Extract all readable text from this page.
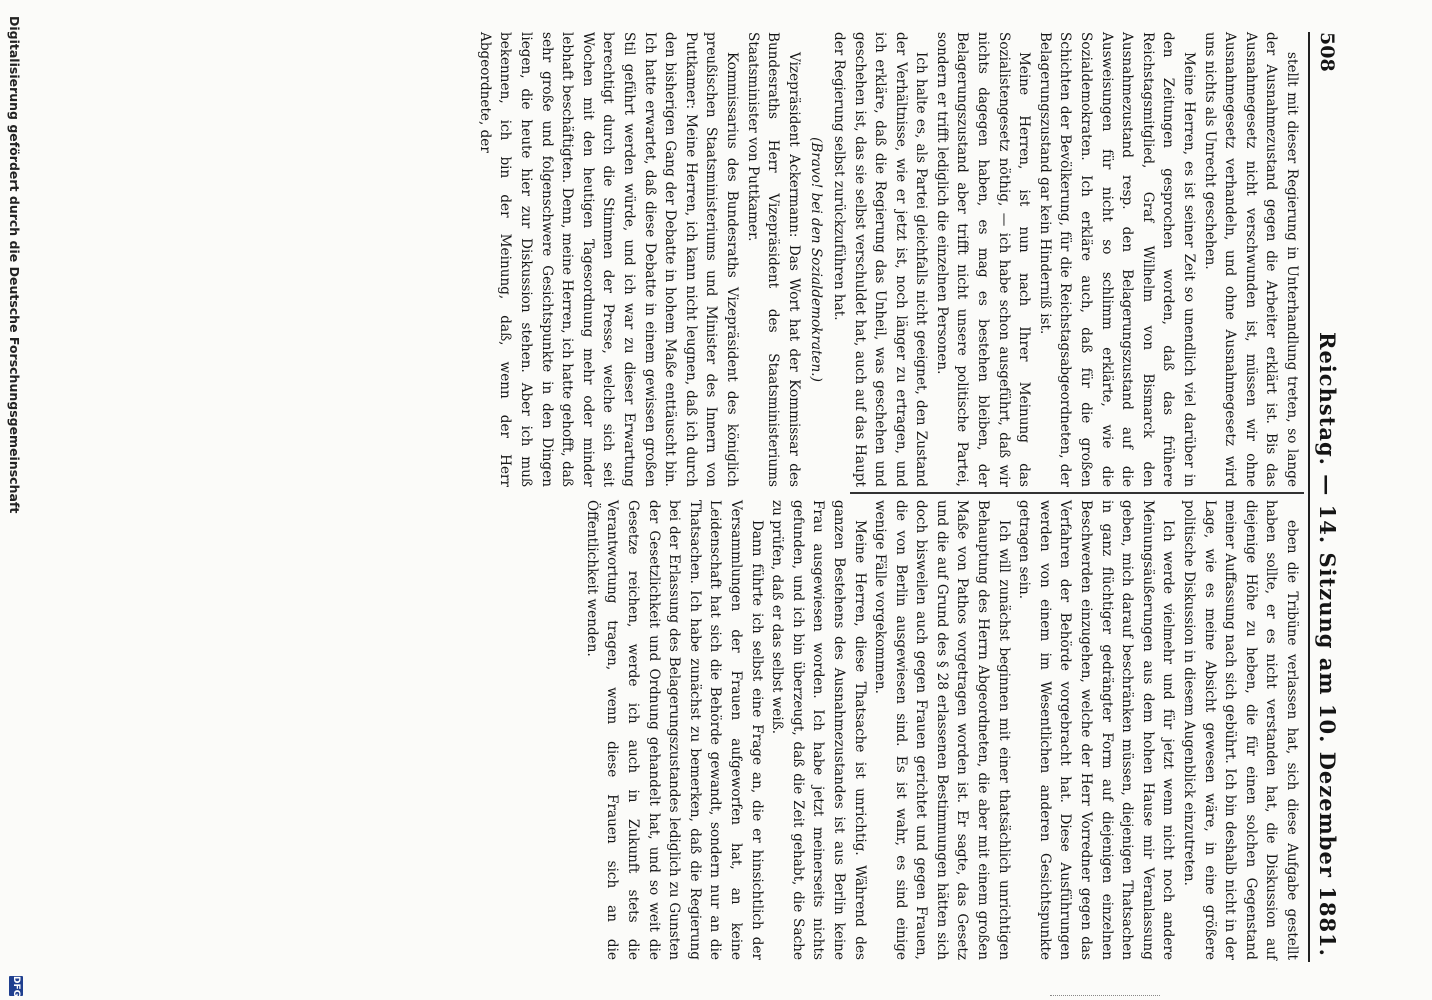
508
Reichstag. — 14. Sitzung am 10. Dezember 1881.

stellt mit dieser Regierung in Unterhandlung treten, so lange der Ausnahmezustand gegen die Arbeiter erklärt ist. Bis das Ausnahmegesetz nicht verschwunden ist, müssen wir ohne Ausnahmegesetz verhandeln, und ohne Ausnahmegesetz wird uns nichts als Unrecht geschehen.

Meine Herren, es ist seiner Zeit so unendlich viel darüber in den Zeitungen gesprochen worden, daß das frühere Reichstagsmitglied, Graf Wilhelm von Bismarck den Ausnahmezustand resp. den Belagerungszustand auf die Ausweisungen für nicht so schlimm erklärte, wie die Sozialdemokraten. Ich erkläre auch, daß für die großen Schichten der Bevölkerung, für die Reichstagsabgeordneten, der Belagerungszustand gar kein Hinderniß ist.

Meine Herren, ist nun nach Ihrer Meinung das Sozialistengesetz nöthig, — ich habe schon ausgeführt, daß wir nichts dagegen haben, es mag es bestehen bleiben, der Belagerungszustand aber trifft nicht unsere politische Partei, sondern er trifft lediglich die einzelnen Personen.

Ich halte es, als Partei gleichfalls nicht geeignet, den Zustand der Verhältnisse, wie er jetzt ist, noch länger zu ertragen, und ich erkläre, daß die Regierung das Unheil, was geschehen und geschehen ist, das sie selbst verschuldet hat, auch auf das Haupt der Regierung selbst zurückzuführen hat.

(Bravo! bei den Sozialdemokraten.)

Vizepräsident Ackermann: Das Wort hat der Kommissar des Bundesraths Herr Vizepräsident des Staatsministeriums Staatsminister von Puttkamer.

Kommissarius des Bundesraths Vizepräsident des königlich preußischen Staatsministeriums und Minister des Innern von Puttkamer: Meine Herren, ich kann nicht leugnen, daß ich durch den bisherigen Gang der Debatte in hohem Maße enttäuscht bin. Ich hatte erwartet, daß diese Debatte in einem gewissen großen Stil geführt werden würde, und ich war zu dieser Erwartung berechtigt durch die Stimmen der Presse, welche sich seit Wochen mit den heutigen Tagesordnung mehr oder minder lebhaft beschäftigten. Denn, meine Herren, ich hatte gehofft, daß sehr große und folgenschwere Gesichtspunkte in den Dingen liegen, die heute hier zur Diskussion stehen. Aber ich muß bekennen, ich bin der Meinung, daß, wenn der Herr Abgeordnete, der

eben die Tribüne verlassen hat, sich diese Aufgabe gestellt haben sollte, er es nicht verstanden hat, die Diskussion auf diejenige Höhe zu heben, die für einen solchen Gegenstand meiner Auffassung nach sich gebührt. Ich bin deshalb nicht in der Lage, wie es meine Absicht gewesen wäre, in eine größere politische Diskussion in diesem Augenblick einzutreten.

Ich werde vielmehr und für jetzt wenn nicht noch andere Meinungsäußerungen aus dem hohen Hause mir Veranlassung geben, mich darauf beschränken müssen, diejenigen Thatsachen in ganz flüchtiger gedrängter Form auf diejenigen einzelnen Beschwerden einzugehen, welche der Herr Vorredner gegen das Verfahren der Behörde vorgebracht hat. Diese Ausführungen werden von einem im Wesentlichen anderen Gesichtspunkte getragen sein.

Ich will zunächst beginnen mit einer thatsächlich unrichtigen Behauptung des Herrn Abgeordneten, die aber mit einem großen Maße von Pathos vorgetragen worden ist. Er sagte, das Gesetz und die auf Grund des § 28 erlassenen Bestimmungen hätten sich doch bisweilen auch gegen Frauen gerichtet und gegen Frauen, die von Berlin ausgewiesen sind. Es ist wahr, es sind einige wenige Fälle vorgekommen.

Meine Herren, diese Thatsache ist unrichtig. Während des ganzen Bestehens des Ausnahmezustandes ist aus Berlin keine Frau ausgewiesen worden. Ich habe jetzt meinerseits nichts gefunden, und ich bin überzeugt, daß die Zeit gehabt, die Sache zu prüfen, daß er das selbst weiß.

Dann führte ich selbst eine Frage an, die er hinsichtlich der Versammlungen der Frauen aufgeworfen hat, an keine Leidenschaft hat sich die Behörde gewandt, sondern nur an die Thatsachen. Ich habe zunächst zu bemerken, daß die Regierung bei der Erlassung des Belagerungszustandes lediglich zu Gunsten der Gesetzlichkeit und Ordnung gehandelt hat, und so weit die Gesetze reichen, werde ich auch in Zukunft stets die Verantwortung tragen, wenn diese Frauen sich an die Öffentlichkeit wenden.

Digitalisierung gefördert durch die Deutsche Forschungsgemeinschaft
DFG
